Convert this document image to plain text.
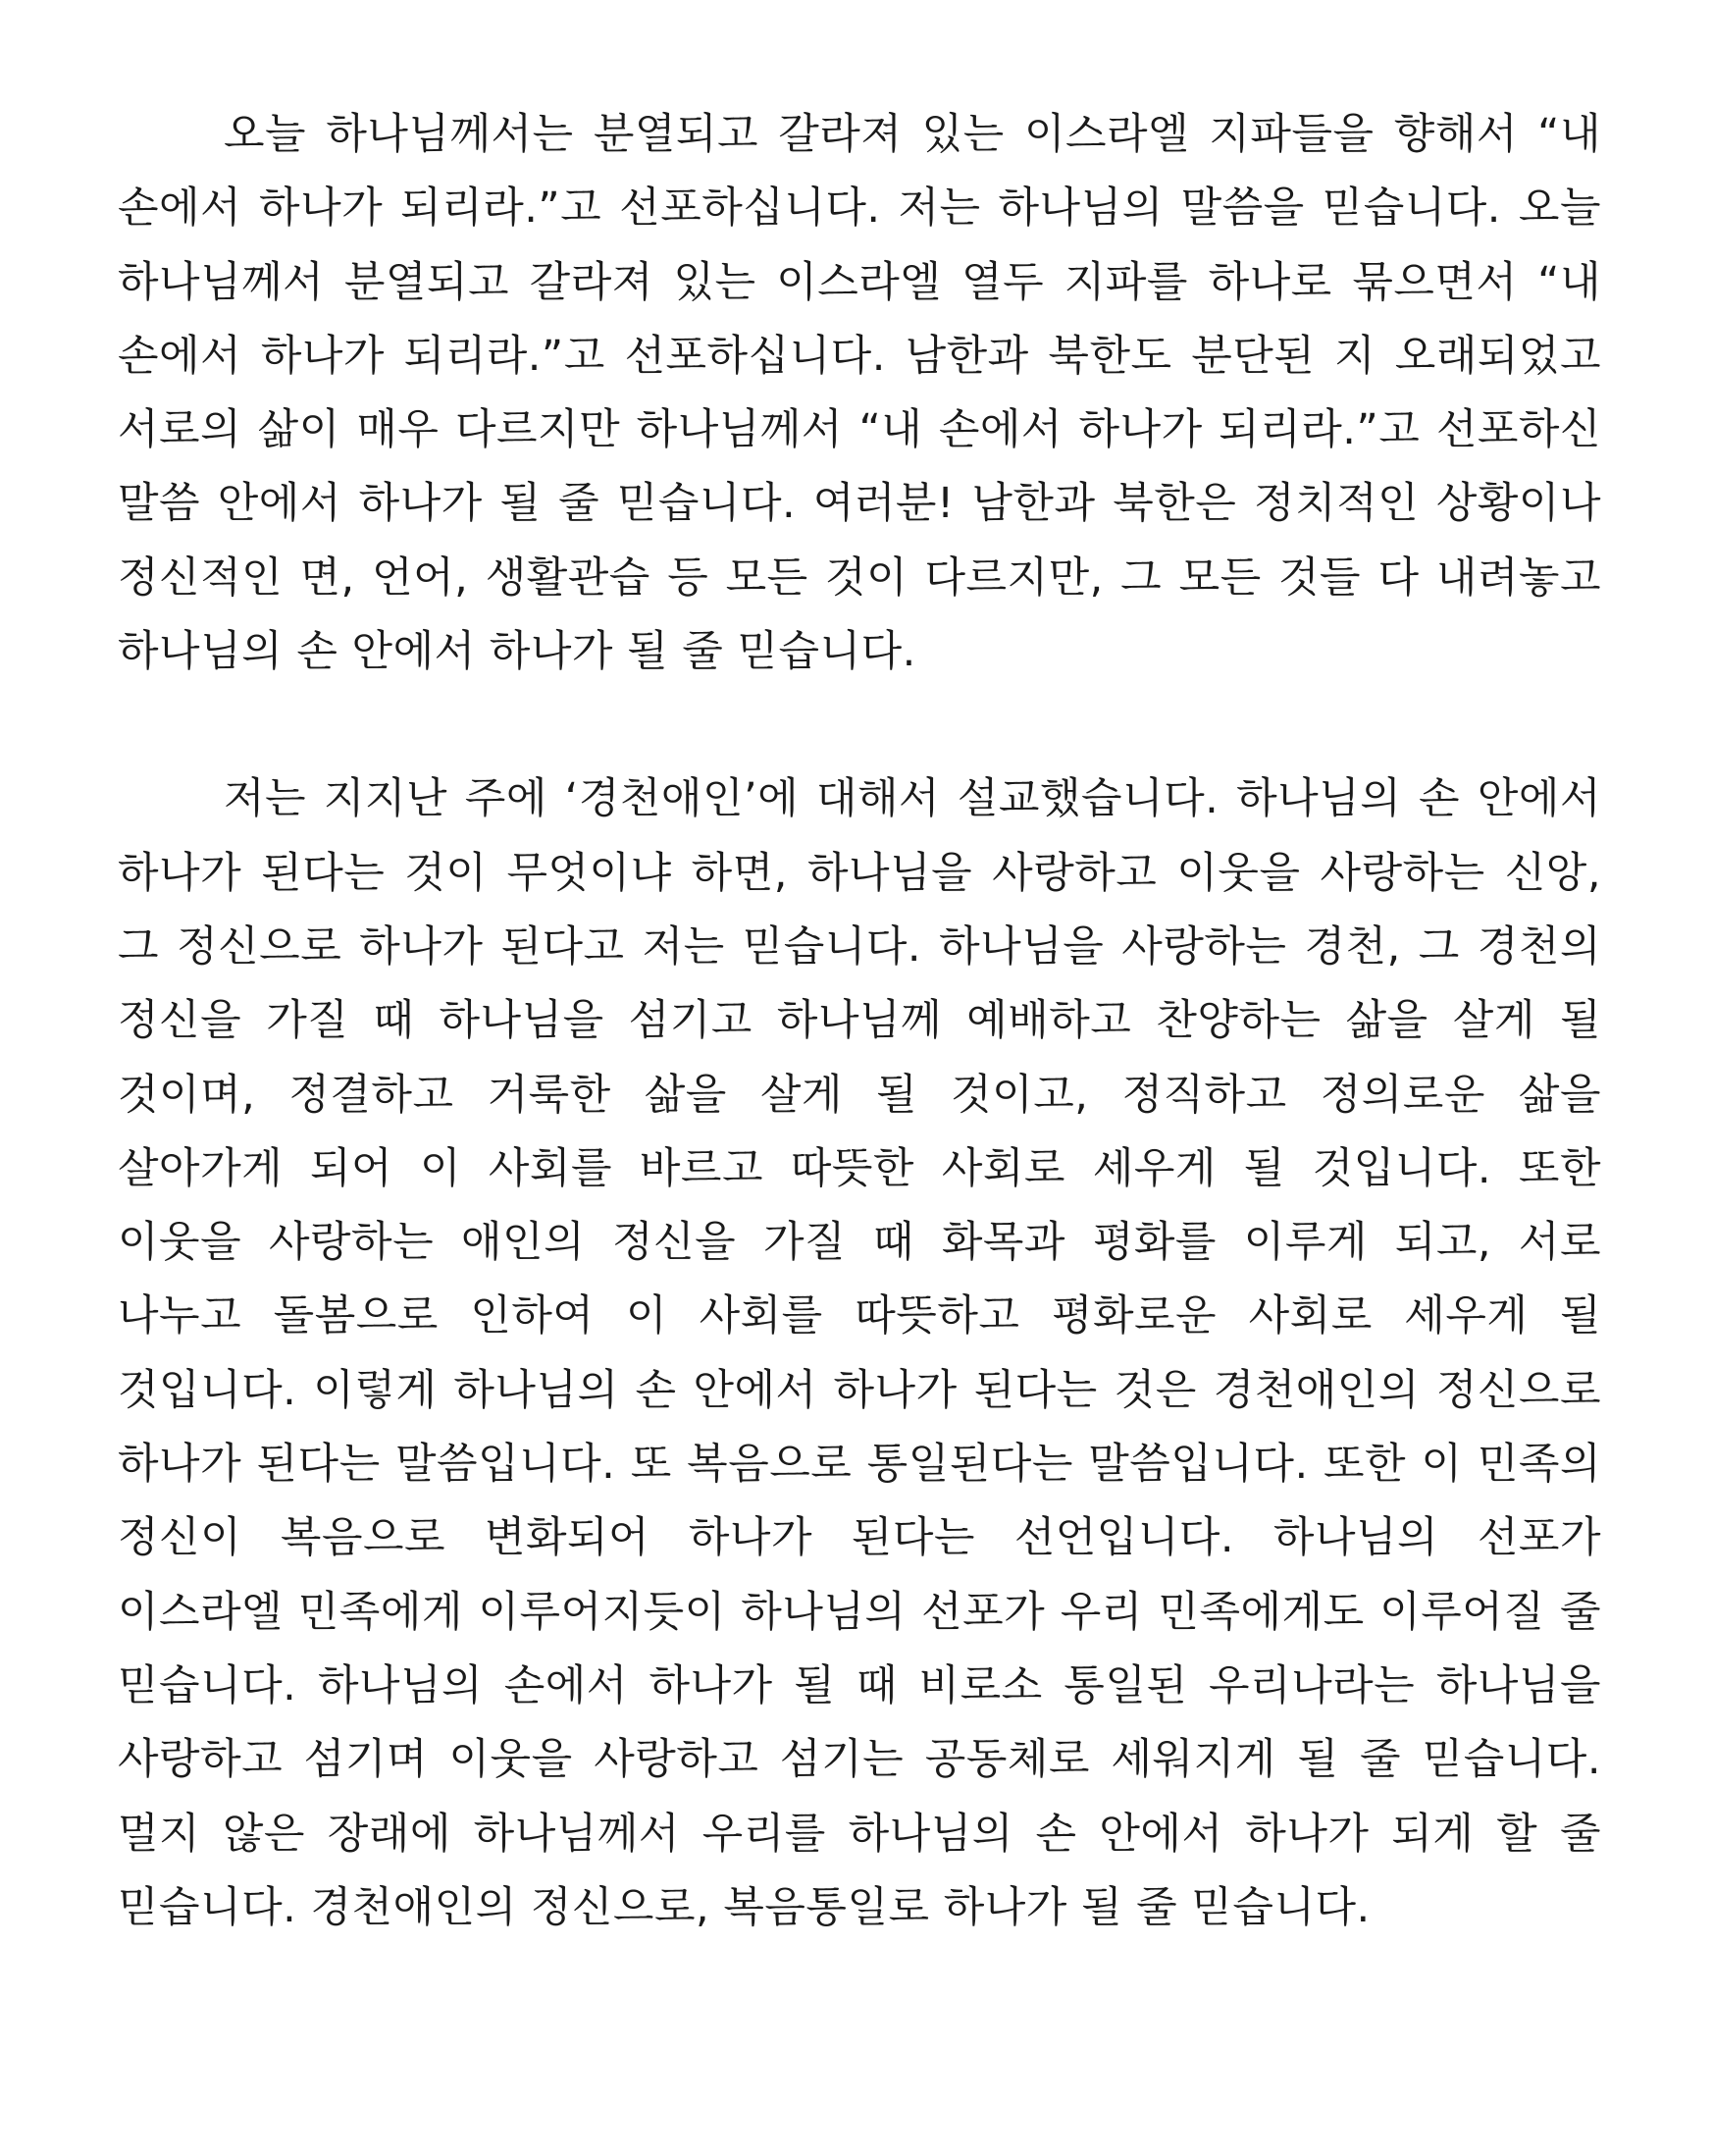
오늘 하나님께서는 분열되고 갈라져 있는 이스라엘 지파들을 향해서 “내 손에서 하나가 되리라.”고 선포하십니다. 저는 하나님의 말씀을 믿습니다. 오늘 하나님께서 분열되고 갈라져 있는 이스라엘 열두 지파를 하나로 묶으면서 “내 손에서 하나가 되리라.”고 선포하십니다. 남한과 북한도 분단된 지 오래되었고 서로의 삶이 매우 다르지만 하나님께서 “내 손에서 하나가 되리라.”고 선포하신 말씀 안에서 하나가 될 줄 믿습니다. 여러분! 남한과 북한은 정치적인 상황이나 정신적인 면, 언어, 생활관습 등 모든 것이 다르지만, 그 모든 것들 다 내려놓고 하나님의 손 안에서 하나가 될 줄 믿습니다.

저는 지지난 주에 ‘경천애인’에 대해서 설교했습니다. 하나님의 손 안에서 하나가 된다는 것이 무엇이냐 하면, 하나님을 사랑하고 이웃을 사랑하는 신앙, 그 정신으로 하나가 된다고 저는 믿습니다. 하나님을 사랑하는 경천, 그 경천의 정신을 가질 때 하나님을 섬기고 하나님께 예배하고 찬양하는 삶을 살게 될 것이며, 정결하고 거룩한 삶을 살게 될 것이고, 정직하고 정의로운 삶을 살아가게 되어 이 사회를 바르고 따뜻한 사회로 세우게 될 것입니다. 또한 이웃을 사랑하는 애인의 정신을 가질 때 화목과 평화를 이루게 되고, 서로 나누고 돌봄으로 인하여 이 사회를 따뜻하고 평화로운 사회로 세우게 될 것입니다. 이렇게 하나님의 손 안에서 하나가 된다는 것은 경천애인의 정신으로 하나가 된다는 말씀입니다. 또 복음으로 통일된다는 말씀입니다. 또한 이 민족의 정신이 복음으로 변화되어 하나가 된다는 선언입니다. 하나님의 선포가 이스라엘 민족에게 이루어지듯이 하나님의 선포가 우리 민족에게도 이루어질 줄 믿습니다. 하나님의 손에서 하나가 될 때 비로소 통일된 우리나라는 하나님을 사랑하고 섬기며 이웃을 사랑하고 섬기는 공동체로 세워지게 될 줄 믿습니다. 멀지 않은 장래에 하나님께서 우리를 하나님의 손 안에서 하나가 되게 할 줄 믿습니다. 경천애인의 정신으로, 복음통일로 하나가 될 줄 믿습니다.
